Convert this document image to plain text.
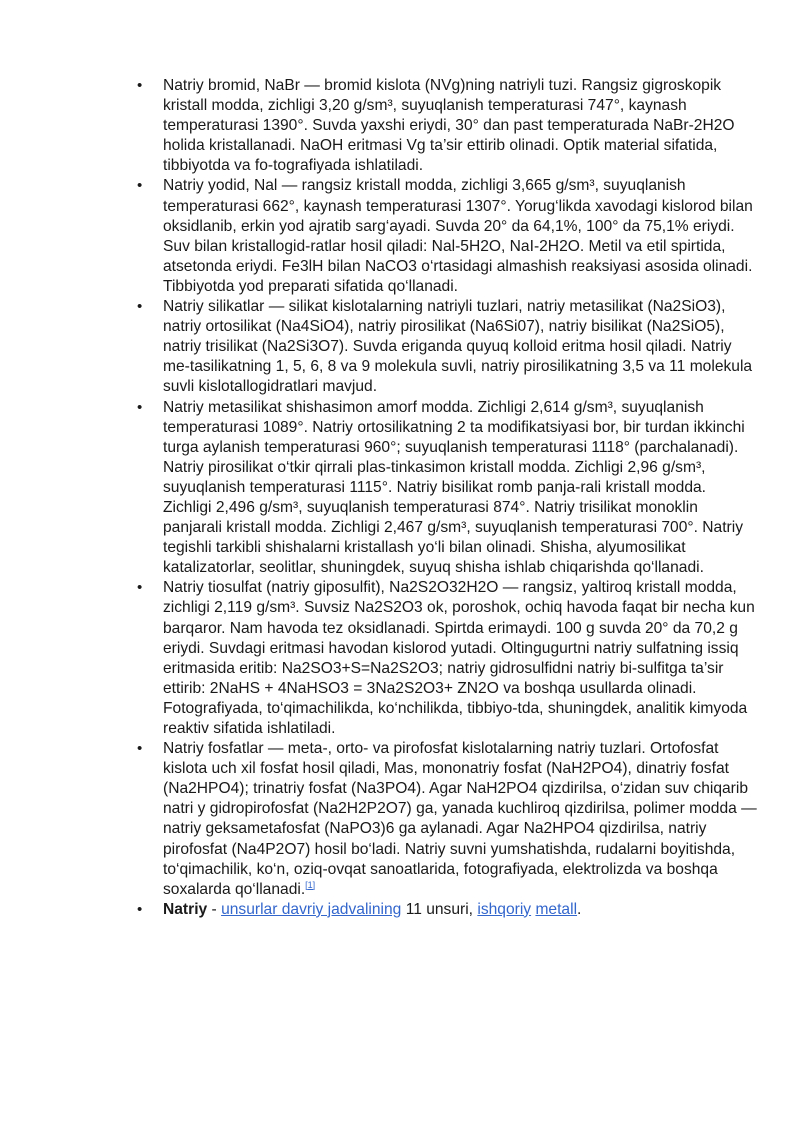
•	Natriy bromid, NaBr — bromid kislota (NVg)ning natriyli tuzi. Rangsiz gigroskopik kristall modda, zichligi 3,20 g/sm³, suyuqlanish temperaturasi 747°, kaynash temperaturasi 1390°. Suvda yaxshi eriydi, 30° dan past temperaturada NaBr-2H2O holida kristallanadi. NaOH eritmasi Vg ta’sir ettirib olinadi. Optik material sifatida, tibbiyotda va fo-tografiyada ishlatiladi.
•	Natriy yodid, Nal — rangsiz kristall modda, zichligi 3,665 g/sm³, suyuqlanish temperaturasi 662°, kaynash temperaturasi 1307°. Yorug‘likda xavodagi kislorod bilan oksidlanib, erkin yod ajratib sarg‘ayadi. Suvda 20° da 64,1%, 100° da 75,1% eriydi. Suv bilan kristallogid-ratlar hosil qiladi: Nal-5H2O, NaI-2H2O. Metil va etil spirtida, atsetonda eriydi. Fe3lH bilan NaCO3 o‘rtasidagi almashish reaksiyasi asosida olinadi. Tibbiyotda yod preparati sifatida qo‘llanadi.
•	Natriy silikatlar — silikat kislotalarning natriyli tuzlari, natriy metasilikat (Na2SiO3), natriy ortosilikat (Na4SiO4), natriy pirosilikat (Na6Si07), natriy bisilikat (Na2SiO5), natriy trisilikat (Na2Si3O7). Suvda eriganda quyuq kolloid eritma hosil qiladi. Natriy me-tasilikatning 1, 5, 6, 8 va 9 molekula suvli, natriy pirosilikatning 3,5 va 11 molekula suvli kislotallogidratlari mavjud.
•	Natriy metasilikat shishasimon amorf modda. Zichligi 2,614 g/sm³, suyuqlanish temperaturasi 1089°. Natriy ortosilikatning 2 ta modifikatsiyasi bor, bir turdan ikkinchi turga aylanish temperaturasi 960°; suyuqlanish temperaturasi 1118° (parchalanadi). Natriy pirosilikat o‘tkir qirrali plas-tinkasimon kristall modda. Zichligi 2,96 g/sm³, suyuqlanish temperaturasi 1115°. Natriy bisilikat romb panja-rali kristall modda. Zichligi 2,496 g/sm³, suyuqlanish temperaturasi 874°. Natriy trisilikat monoklin panjarali kristall modda. Zichligi 2,467 g/sm³, suyuqlanish temperaturasi 700°. Natriy tegishli tarkibli shishalarni kristallash yo‘li bilan olinadi. Shisha, alyumosilikat katalizatorlar, seolitlar, shuningdek, suyuq shisha ishlab chiqarishda qo‘llanadi.
•	Natriy tiosulfat (natriy giposulfit), Na2S2O32H2O — rangsiz, yaltiroq kristall modda, zichligi 2,119 g/sm³. Suvsiz Na2S2O3 ok, poroshok, ochiq havoda faqat bir necha kun barqaror. Nam havoda tez oksidlanadi. Spirtda erimaydi. 100 g suvda 20° da 70,2 g eriydi. Suvdagi eritmasi havodan kislorod yutadi. Oltingugurtni natriy sulfatning issiq eritmasida eritib: Na2SO3+S=Na2S2O3; natriy gidrosulfidni natriy bi-sulfitga ta’sir ettirib: 2NaHS + 4NaHSO3 = 3Na2S2O3+ ZN2O va boshqa usullarda olinadi. Fotografiyada, to‘qimachilikda, ko‘nchilikda, tibbiyo-tda, shuningdek, analitik kimyoda reaktiv sifatida ishlatiladi.
•	Natriy fosfatlar — meta-, orto- va pirofosfat kislotalarning natriy tuzlari. Ortofosfat kislota uch xil fosfat hosil qiladi, Mas, mononatriy fosfat (NaH2PO4), dinatriy fosfat (Na2HPO4); trinatriy fosfat (Na3PO4). Agar NaH2PO4 qizdirilsa, o‘zidan suv chiqarib natri y gidropirofosfat (Na2H2P2O7) ga, yanada kuchliroq qizdirilsa, polimer modda — natriy geksametafosfat (NaPO3)6 ga aylanadi. Agar Na2HPO4 qizdirilsa, natriy pirofosfat (Na4P2O7) hosil bo‘ladi. Natriy suvni yumshatishda, rudalarni boyitishda, to‘qimachilik, ko‘n, oziq-ovqat sanoatlarida, fotografiyada, elektrolizda va boshqa soxalarda qo‘llanadi.[1]
•	Natriy - unsurlar davriy jadvalining 11 unsuri, ishqoriy metall.
